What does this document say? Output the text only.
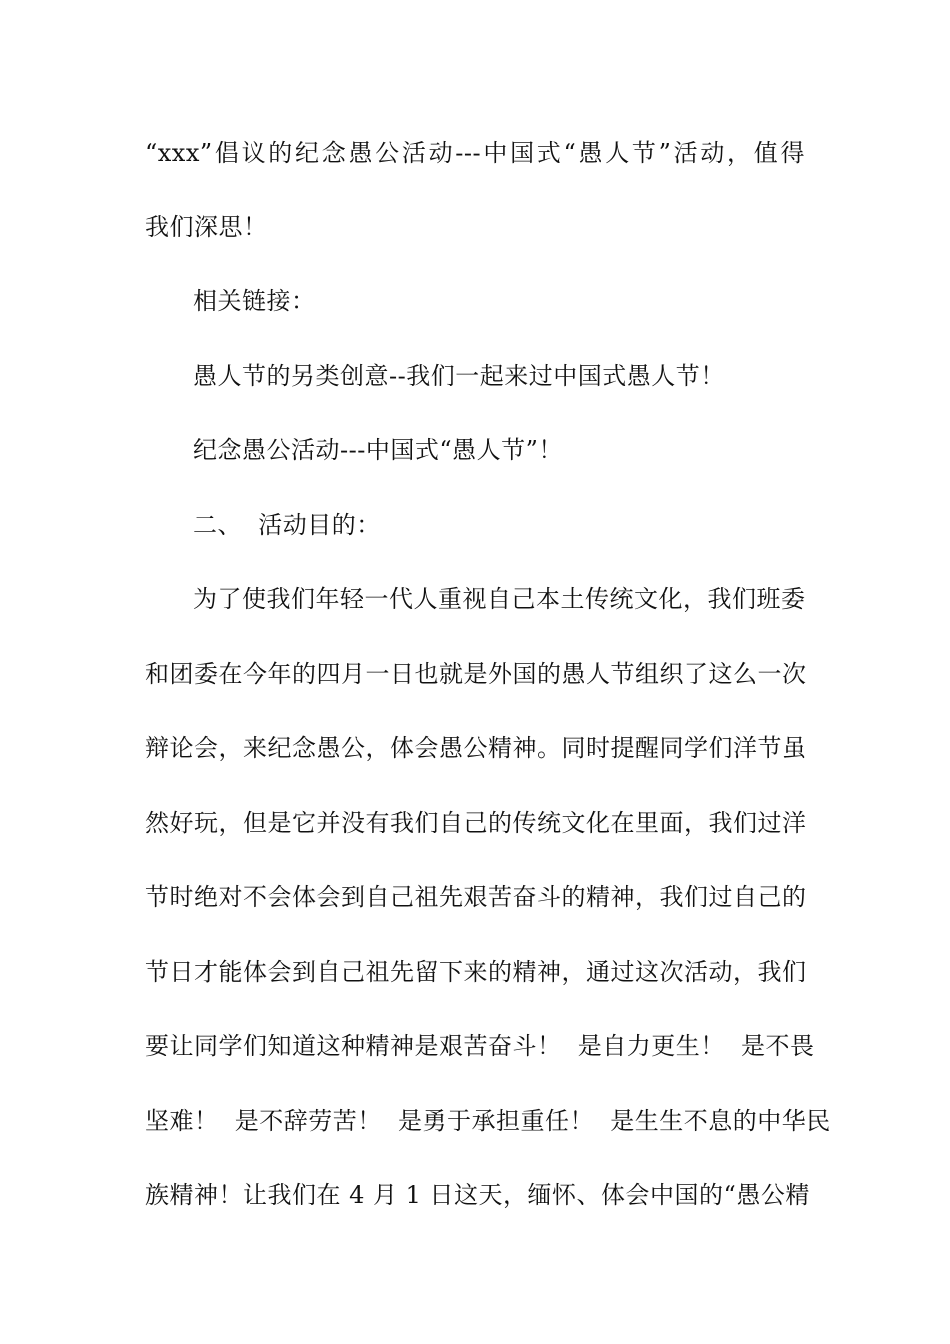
“xxx”倡议的纪念愚公活动---中国式“愚人节”活动，值得
我们深思！
相关链接：
愚人节的另类创意--我们一起来过中国式愚人节！
纪念愚公活动---中国式“愚人节”！
二、  活动目的：
为了使我们年轻一代人重视自己本土传统文化，我们班委
和团委在今年的四月一日也就是外国的愚人节组织了这么一次
辩论会，来纪念愚公，体会愚公精神。同时提醒同学们洋节虽
然好玩，但是它并没有我们自己的传统文化在里面，我们过洋
节时绝对不会体会到自己祖先艰苦奋斗的精神，我们过自己的
节日才能体会到自己祖先留下来的精神，通过这次活动，我们
要让同学们知道这种精神是艰苦奋斗！  是自力更生！  是不畏
坚难！  是不辞劳苦！  是勇于承担重任！  是生生不息的中华民
族精神！让我们在 4 月 1 日这天，缅怀、体会中国的“愚公精
